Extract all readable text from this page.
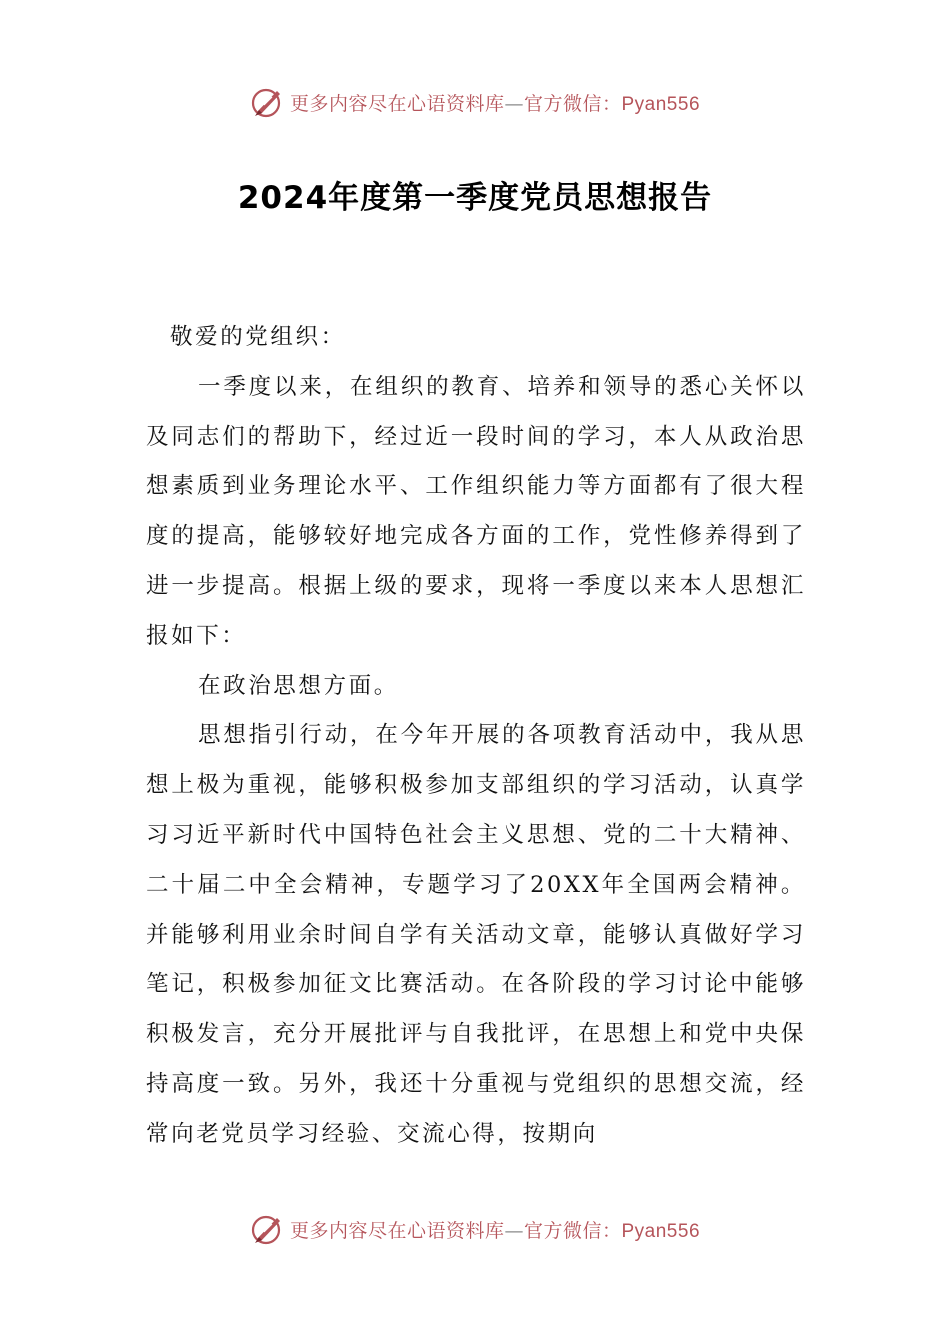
更多内容尽在心语资料库—官方微信：Pyan556
2024年度第一季度党员思想报告

敬爱的党组织：

一季度以来，在组织的教育、培养和领导的悉心关怀以及同志们的帮助下，经过近一段时间的学习，本人从政治思想素质到业务理论水平、工作组织能力等方面都有了很大程度的提高，能够较好地完成各方面的工作，党性修养得到了进一步提高。根据上级的要求，现将一季度以来本人思想汇报如下：

在政治思想方面。

思想指引行动，在今年开展的各项教育活动中，我从思想上极为重视，能够积极参加支部组织的学习活动，认真学习习近平新时代中国特色社会主义思想、党的二十大精神、二十届二中全会精神，专题学习了20XX年全国两会精神。并能够利用业余时间自学有关活动文章，能够认真做好学习笔记，积极参加征文比赛活动。在各阶段的学习讨论中能够积极发言，充分开展批评与自我批评，在思想上和党中央保持高度一致。另外，我还十分重视与党组织的思想交流，经常向老党员学习经验、交流心得，按期向

更多内容尽在心语资料库—官方微信：Pyan556
